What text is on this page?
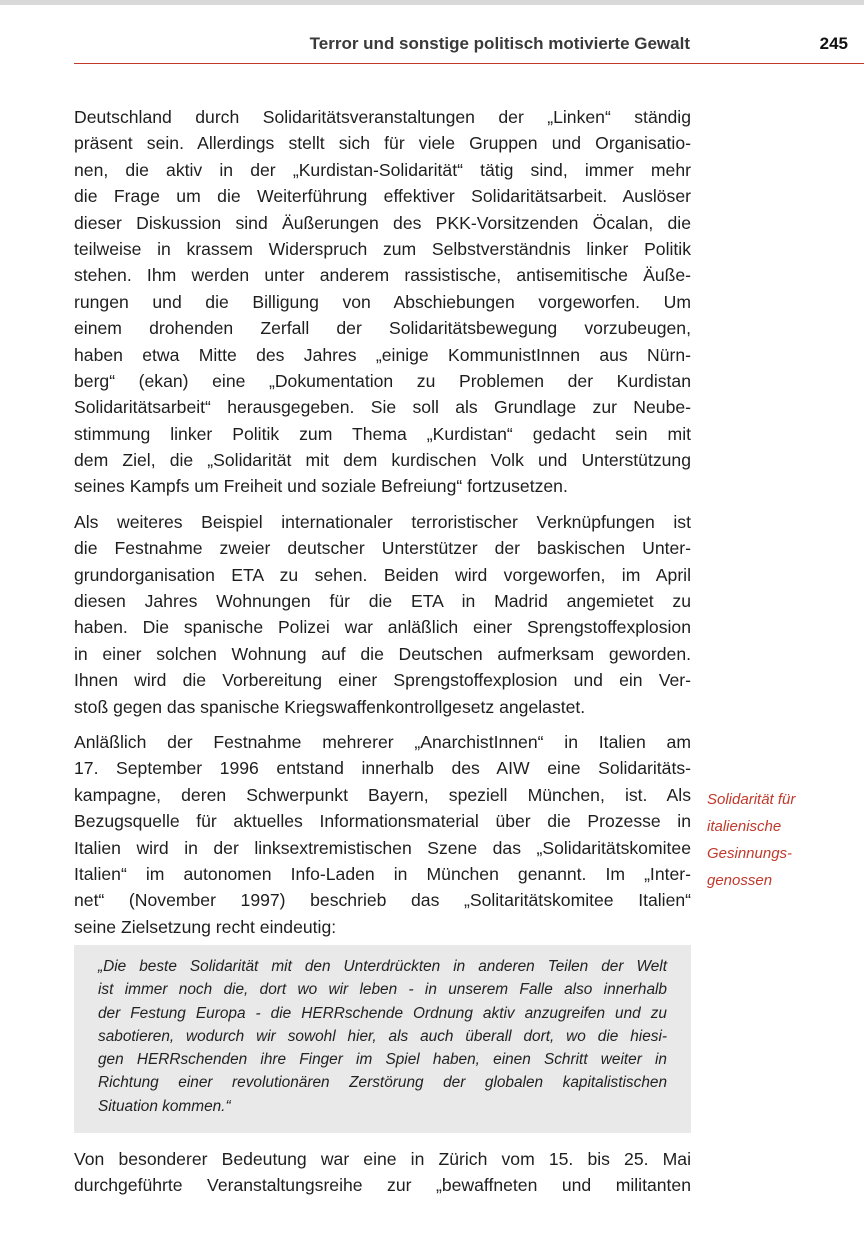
Terror und sonstige politisch motivierte Gewalt	245
Deutschland durch Solidaritätsveranstaltungen der „Linken“ ständig
präsent sein. Allerdings stellt sich für viele Gruppen und Organisatio-
nen, die aktiv in der „Kurdistan-Solidarität“ tätig sind, immer mehr
die Frage um die Weiterführung effektiver Solidaritätsarbeit. Auslöser
dieser Diskussion sind Äußerungen des PKK-Vorsitzenden Öcalan, die
teilweise in krassem Widerspruch zum Selbstverständnis linker Politik
stehen. Ihm werden unter anderem rassistische, antisemitische Äuße-
rungen und die Billigung von Abschiebungen vorgeworfen. Um
einem drohenden Zerfall der Solidaritätsbewegung vorzubeugen,
haben etwa Mitte des Jahres „einige KommunistInnen aus Nürn-
berg“ (ekan) eine „Dokumentation zu Problemen der Kurdistan
Solidaritätsarbeit“ herausgegeben. Sie soll als Grundlage zur Neube-
stimmung linker Politik zum Thema „Kurdistan“ gedacht sein mit
dem Ziel, die „Solidarität mit dem kurdischen Volk und Unterstützung
seines Kampfs um Freiheit und soziale Befreiung“ fortzusetzen.
Als weiteres Beispiel internationaler terroristischer Verknüpfungen ist
die Festnahme zweier deutscher Unterstützer der baskischen Unter-
grundorganisation ETA zu sehen. Beiden wird vorgeworfen, im April
diesen Jahres Wohnungen für die ETA in Madrid angemietet zu
haben. Die spanische Polizei war anläßlich einer Sprengstoffexplosion
in einer solchen Wohnung auf die Deutschen aufmerksam geworden.
Ihnen wird die Vorbereitung einer Sprengstoffexplosion und ein Ver-
stoß gegen das spanische Kriegswaffenkontrollgesetz angelastet.
Anläßlich der Festnahme mehrerer „AnarchistInnen“ in Italien am
17. September 1996 entstand innerhalb des AIW eine Solidaritäts-
kampagne, deren Schwerpunkt Bayern, speziell München, ist. Als
Bezugsquelle für aktuelles Informationsmaterial über die Prozesse in
Italien wird in der linksextremistischen Szene das „Solidaritätskomitee
Italien“ im autonomen Info-Laden in München genannt. Im „Inter-
net“ (November 1997) beschrieb das „Solitaritätskomitee Italien“
seine Zielsetzung recht eindeutig:
„Die beste Solidarität mit den Unterdrückten in anderen Teilen der Welt
ist immer noch die, dort wo wir leben - in unserem Falle also innerhalb
der Festung Europa - die HERRschende Ordnung aktiv anzugreifen und zu
sabotieren, wodurch wir sowohl hier, als auch überall dort, wo die hiesi-
gen HERRschenden ihre Finger im Spiel haben, einen Schritt weiter in
Richtung einer revolutionären Zerstörung der globalen kapitalistischen
Situation kommen.“
Von besonderer Bedeutung war eine in Zürich vom 15. bis 25. Mai
durchgeführte Veranstaltungsreihe zur „bewaffneten und militanten
Solidarität für
italienische
Gesinnungs-
genossen
